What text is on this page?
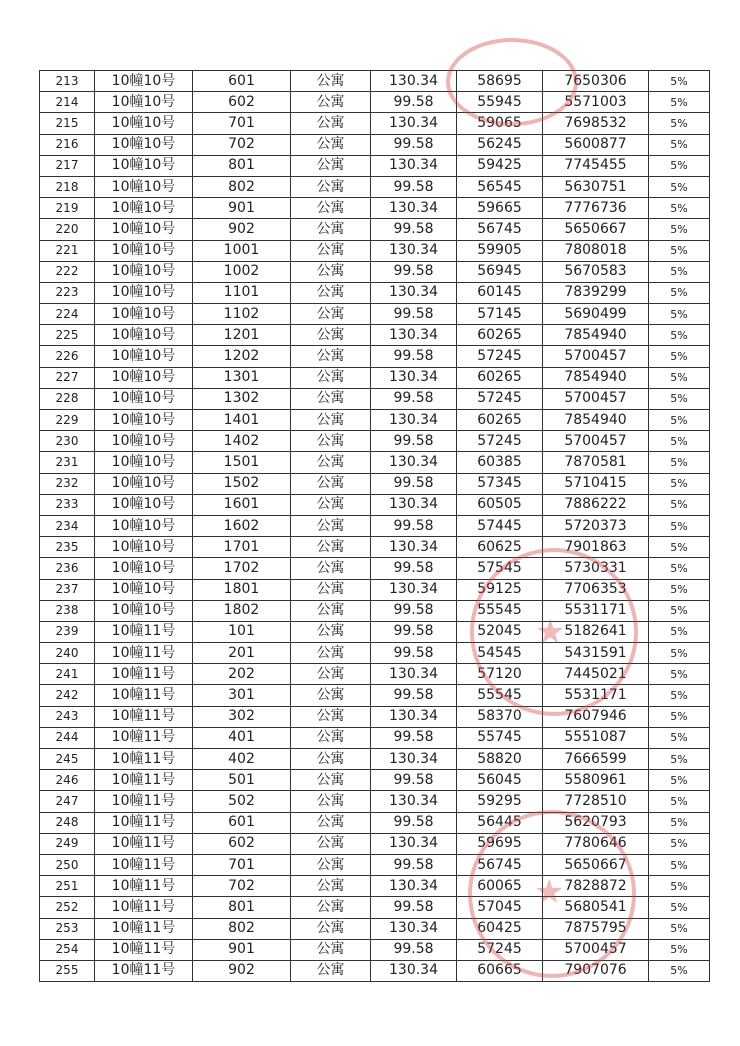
213	10幢10号	601	公寓	130.34	58695	7650306	5%
214	10幢10号	602	公寓	99.58	55945	5571003	5%
215	10幢10号	701	公寓	130.34	59065	7698532	5%
216	10幢10号	702	公寓	99.58	56245	5600877	5%
217	10幢10号	801	公寓	130.34	59425	7745455	5%
218	10幢10号	802	公寓	99.58	56545	5630751	5%
219	10幢10号	901	公寓	130.34	59665	7776736	5%
220	10幢10号	902	公寓	99.58	56745	5650667	5%
221	10幢10号	1001	公寓	130.34	59905	7808018	5%
222	10幢10号	1002	公寓	99.58	56945	5670583	5%
223	10幢10号	1101	公寓	130.34	60145	7839299	5%
224	10幢10号	1102	公寓	99.58	57145	5690499	5%
225	10幢10号	1201	公寓	130.34	60265	7854940	5%
226	10幢10号	1202	公寓	99.58	57245	5700457	5%
227	10幢10号	1301	公寓	130.34	60265	7854940	5%
228	10幢10号	1302	公寓	99.58	57245	5700457	5%
229	10幢10号	1401	公寓	130.34	60265	7854940	5%
230	10幢10号	1402	公寓	99.58	57245	5700457	5%
231	10幢10号	1501	公寓	130.34	60385	7870581	5%
232	10幢10号	1502	公寓	99.58	57345	5710415	5%
233	10幢10号	1601	公寓	130.34	60505	7886222	5%
234	10幢10号	1602	公寓	99.58	57445	5720373	5%
235	10幢10号	1701	公寓	130.34	60625	7901863	5%
236	10幢10号	1702	公寓	99.58	57545	5730331	5%
237	10幢10号	1801	公寓	130.34	59125	7706353	5%
238	10幢10号	1802	公寓	99.58	55545	5531171	5%
239	10幢11号	101	公寓	99.58	52045	5182641	5%
240	10幢11号	201	公寓	99.58	54545	5431591	5%
241	10幢11号	202	公寓	130.34	57120	7445021	5%
242	10幢11号	301	公寓	99.58	55545	5531171	5%
243	10幢11号	302	公寓	130.34	58370	7607946	5%
244	10幢11号	401	公寓	99.58	55745	5551087	5%
245	10幢11号	402	公寓	130.34	58820	7666599	5%
246	10幢11号	501	公寓	99.58	56045	5580961	5%
247	10幢11号	502	公寓	130.34	59295	7728510	5%
248	10幢11号	601	公寓	99.58	56445	5620793	5%
249	10幢11号	602	公寓	130.34	59695	7780646	5%
250	10幢11号	701	公寓	99.58	56745	5650667	5%
251	10幢11号	702	公寓	130.34	60065	7828872	5%
252	10幢11号	801	公寓	99.58	57045	5680541	5%
253	10幢11号	802	公寓	130.34	60425	7875795	5%
254	10幢11号	901	公寓	99.58	57245	5700457	5%
255	10幢11号	902	公寓	130.34	60665	7907076	5%
★
★
